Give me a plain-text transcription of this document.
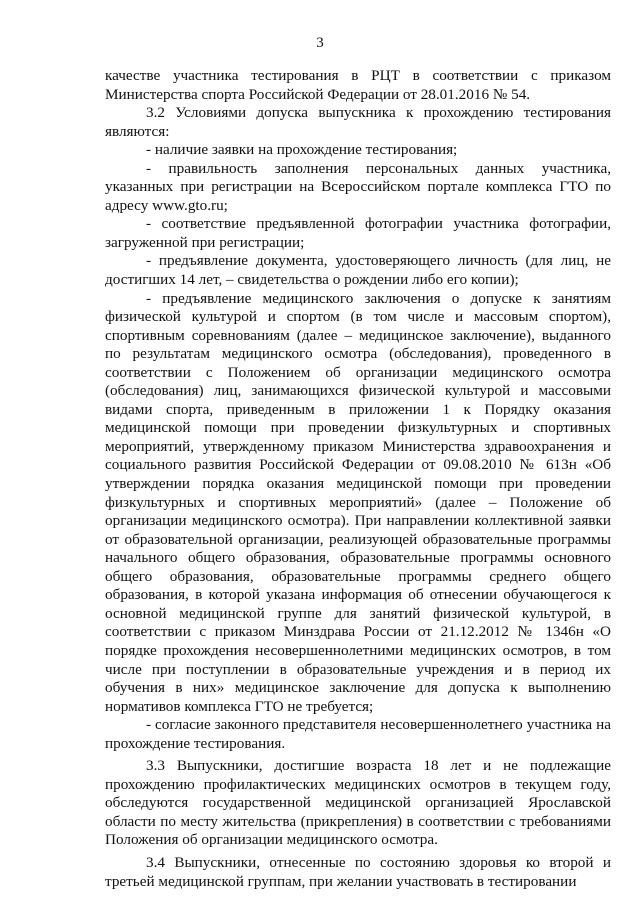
3

качестве участника тестирования в РЦТ в соответствии с приказом Министерства спорта Российской Федерации от 28.01.2016 № 54.

3.2 Условиями допуска выпускника к прохождению тестирования являются:

- наличие заявки на прохождение тестирования;

- правильность заполнения персональных данных участника, указанных при регистрации на Всероссийском портале комплекса ГТО по адресу www.gto.ru;

- соответствие предъявленной фотографии участника фотографии, загруженной при регистрации;

- предъявление документа, удостоверяющего личность (для лиц, не достигших 14 лет, – свидетельства о рождении либо его копии);

- предъявление медицинского заключения о допуске к занятиям физической культурой и спортом (в том числе и массовым спортом), спортивным соревнованиям (далее – медицинское заключение), выданного по результатам медицинского осмотра (обследования), проведенного в соответствии с Положением об организации медицинского осмотра (обследования) лиц, занимающихся физической культурой и массовыми видами спорта, приведенным в приложении 1 к Порядку оказания медицинской помощи при проведении физкультурных и спортивных мероприятий, утвержденному приказом Министерства здравоохранения и социального развития Российской Федерации от 09.08.2010 № 613н «Об утверждении порядка оказания медицинской помощи при проведении физкультурных и спортивных мероприятий» (далее – Положение об организации медицинского осмотра). При направлении коллективной заявки от образовательной организации, реализующей образовательные программы начального общего образования, образовательные программы основного общего образования, образовательные программы среднего общего образования, в которой указана информация об отнесении обучающегося к основной медицинской группе для занятий физической культурой, в соответствии с приказом Минздрава России от 21.12.2012 № 1346н «О порядке прохождения несовершеннолетними медицинских осмотров, в том числе при поступлении в образовательные учреждения и в период их обучения в них» медицинское заключение для допуска к выполнению нормативов комплекса ГТО не требуется;

- согласие законного представителя несовершеннолетнего участника на прохождение тестирования.

3.3 Выпускники, достигшие возраста 18 лет и не подлежащие прохождению профилактических медицинских осмотров в текущем году, обследуются государственной медицинской организацией Ярославской области по месту жительства (прикрепления) в соответствии с требованиями Положения об организации медицинского осмотра.

3.4 Выпускники, отнесенные по состоянию здоровья ко второй и третьей медицинской группам, при желании участвовать в тестировании
